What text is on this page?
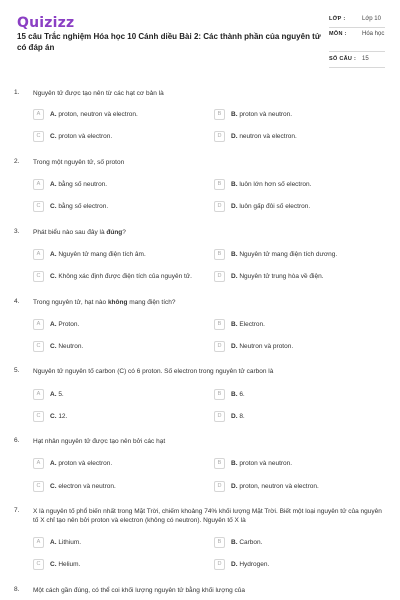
Quizizz
15 câu Trắc nghiệm Hóa học 10 Cánh diều Bài 2: Các thành phần của nguyên tử có đáp án
LỚP :	Lớp 10
MÔN :	Hóa học
SỐ CÂU : 15
1. Nguyên tử được tạo nên từ các hạt cơ bản là
A	A. proton, neutron và electron.	B	B. proton và neutron.
C	C. proton và electron.	D	D. neutron và electron.
2. Trong một nguyên tử, số proton
A	A. bằng số neutron.	B	B. luôn lớn hơn số electron.
C	C. bằng số electron.	D	D. luôn gấp đôi số electron.
3. Phát biểu nào sau đây là đúng?
A	A. Nguyên tử mang điện tích âm.	B	B. Nguyên tử mang điện tích dương.
C	C. Không xác định được điện tích của nguyên tử.	D	D. Nguyên tử trung hòa về điện.
4. Trong nguyên tử, hạt nào không mang điện tích?
A	A. Proton.	B	B. Electron.
C	C. Neutron.	D	D. Neutron và proton.
5. Nguyên tử nguyên tố carbon (C) có 6 proton. Số electron trong nguyên tử carbon là
A	A. 5.	B	B. 6.
C	C. 12.	D	D. 8.
6. Hạt nhân nguyên tử được tạo nên bởi các hạt
A	A. proton và electron.	B	B. proton và neutron.
C	C. electron và neutron.	D	D. proton, neutron và electron.
7. X là nguyên tố phổ biến nhất trong Mặt Trời, chiếm khoảng 74% khối lượng Mặt Trời. Biết một loại nguyên tử của nguyên tố X chỉ tạo nên bởi proton và electron (không có neutron). Nguyên tố X là
A	A. Lithium.	B	B. Carbon.
C	C. Helium.	D	D. Hydrogen.
8. Một cách gần đúng, có thể coi khối lượng nguyên tử bằng khối lượng của
